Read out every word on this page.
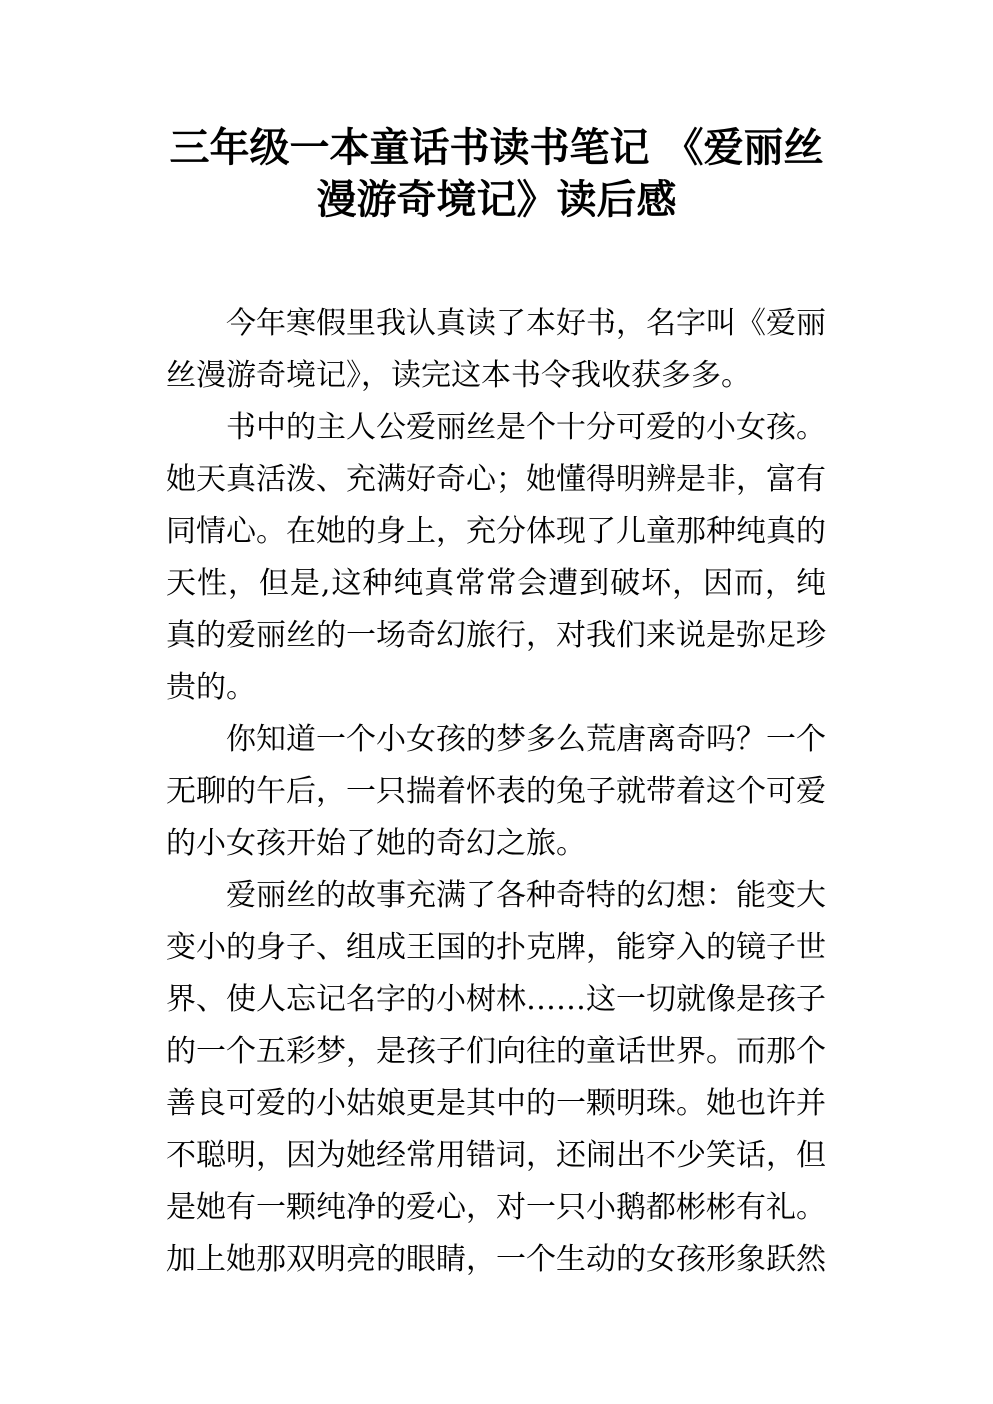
三年级一本童话书读书笔记 《爱丽丝
漫游奇境记》读后感

今年寒假里我认真读了本好书，名字叫《爱丽丝漫游奇境记》，读完这本书令我收获多多。

书中的主人公爱丽丝是个十分可爱的小女孩。她天真活泼、充满好奇心；她懂得明辨是非，富有同情心。在她的身上，充分体现了儿童那种纯真的天性，但是,这种纯真常常会遭到破坏，因而，纯真的爱丽丝的一场奇幻旅行，对我们来说是弥足珍贵的。

你知道一个小女孩的梦多么荒唐离奇吗？一个无聊的午后，一只揣着怀表的兔子就带着这个可爱的小女孩开始了她的奇幻之旅。

爱丽丝的故事充满了各种奇特的幻想：能变大变小的身子、组成王国的扑克牌，能穿入的镜子世界、使人忘记名字的小树林……这一切就像是孩子的一个五彩梦，是孩子们向往的童话世界。而那个善良可爱的小姑娘更是其中的一颗明珠。她也许并不聪明，因为她经常用错词，还闹出不少笑话，但是她有一颗纯净的爱心，对一只小鹅都彬彬有礼。加上她那双明亮的眼睛，一个生动的女孩形象跃然
